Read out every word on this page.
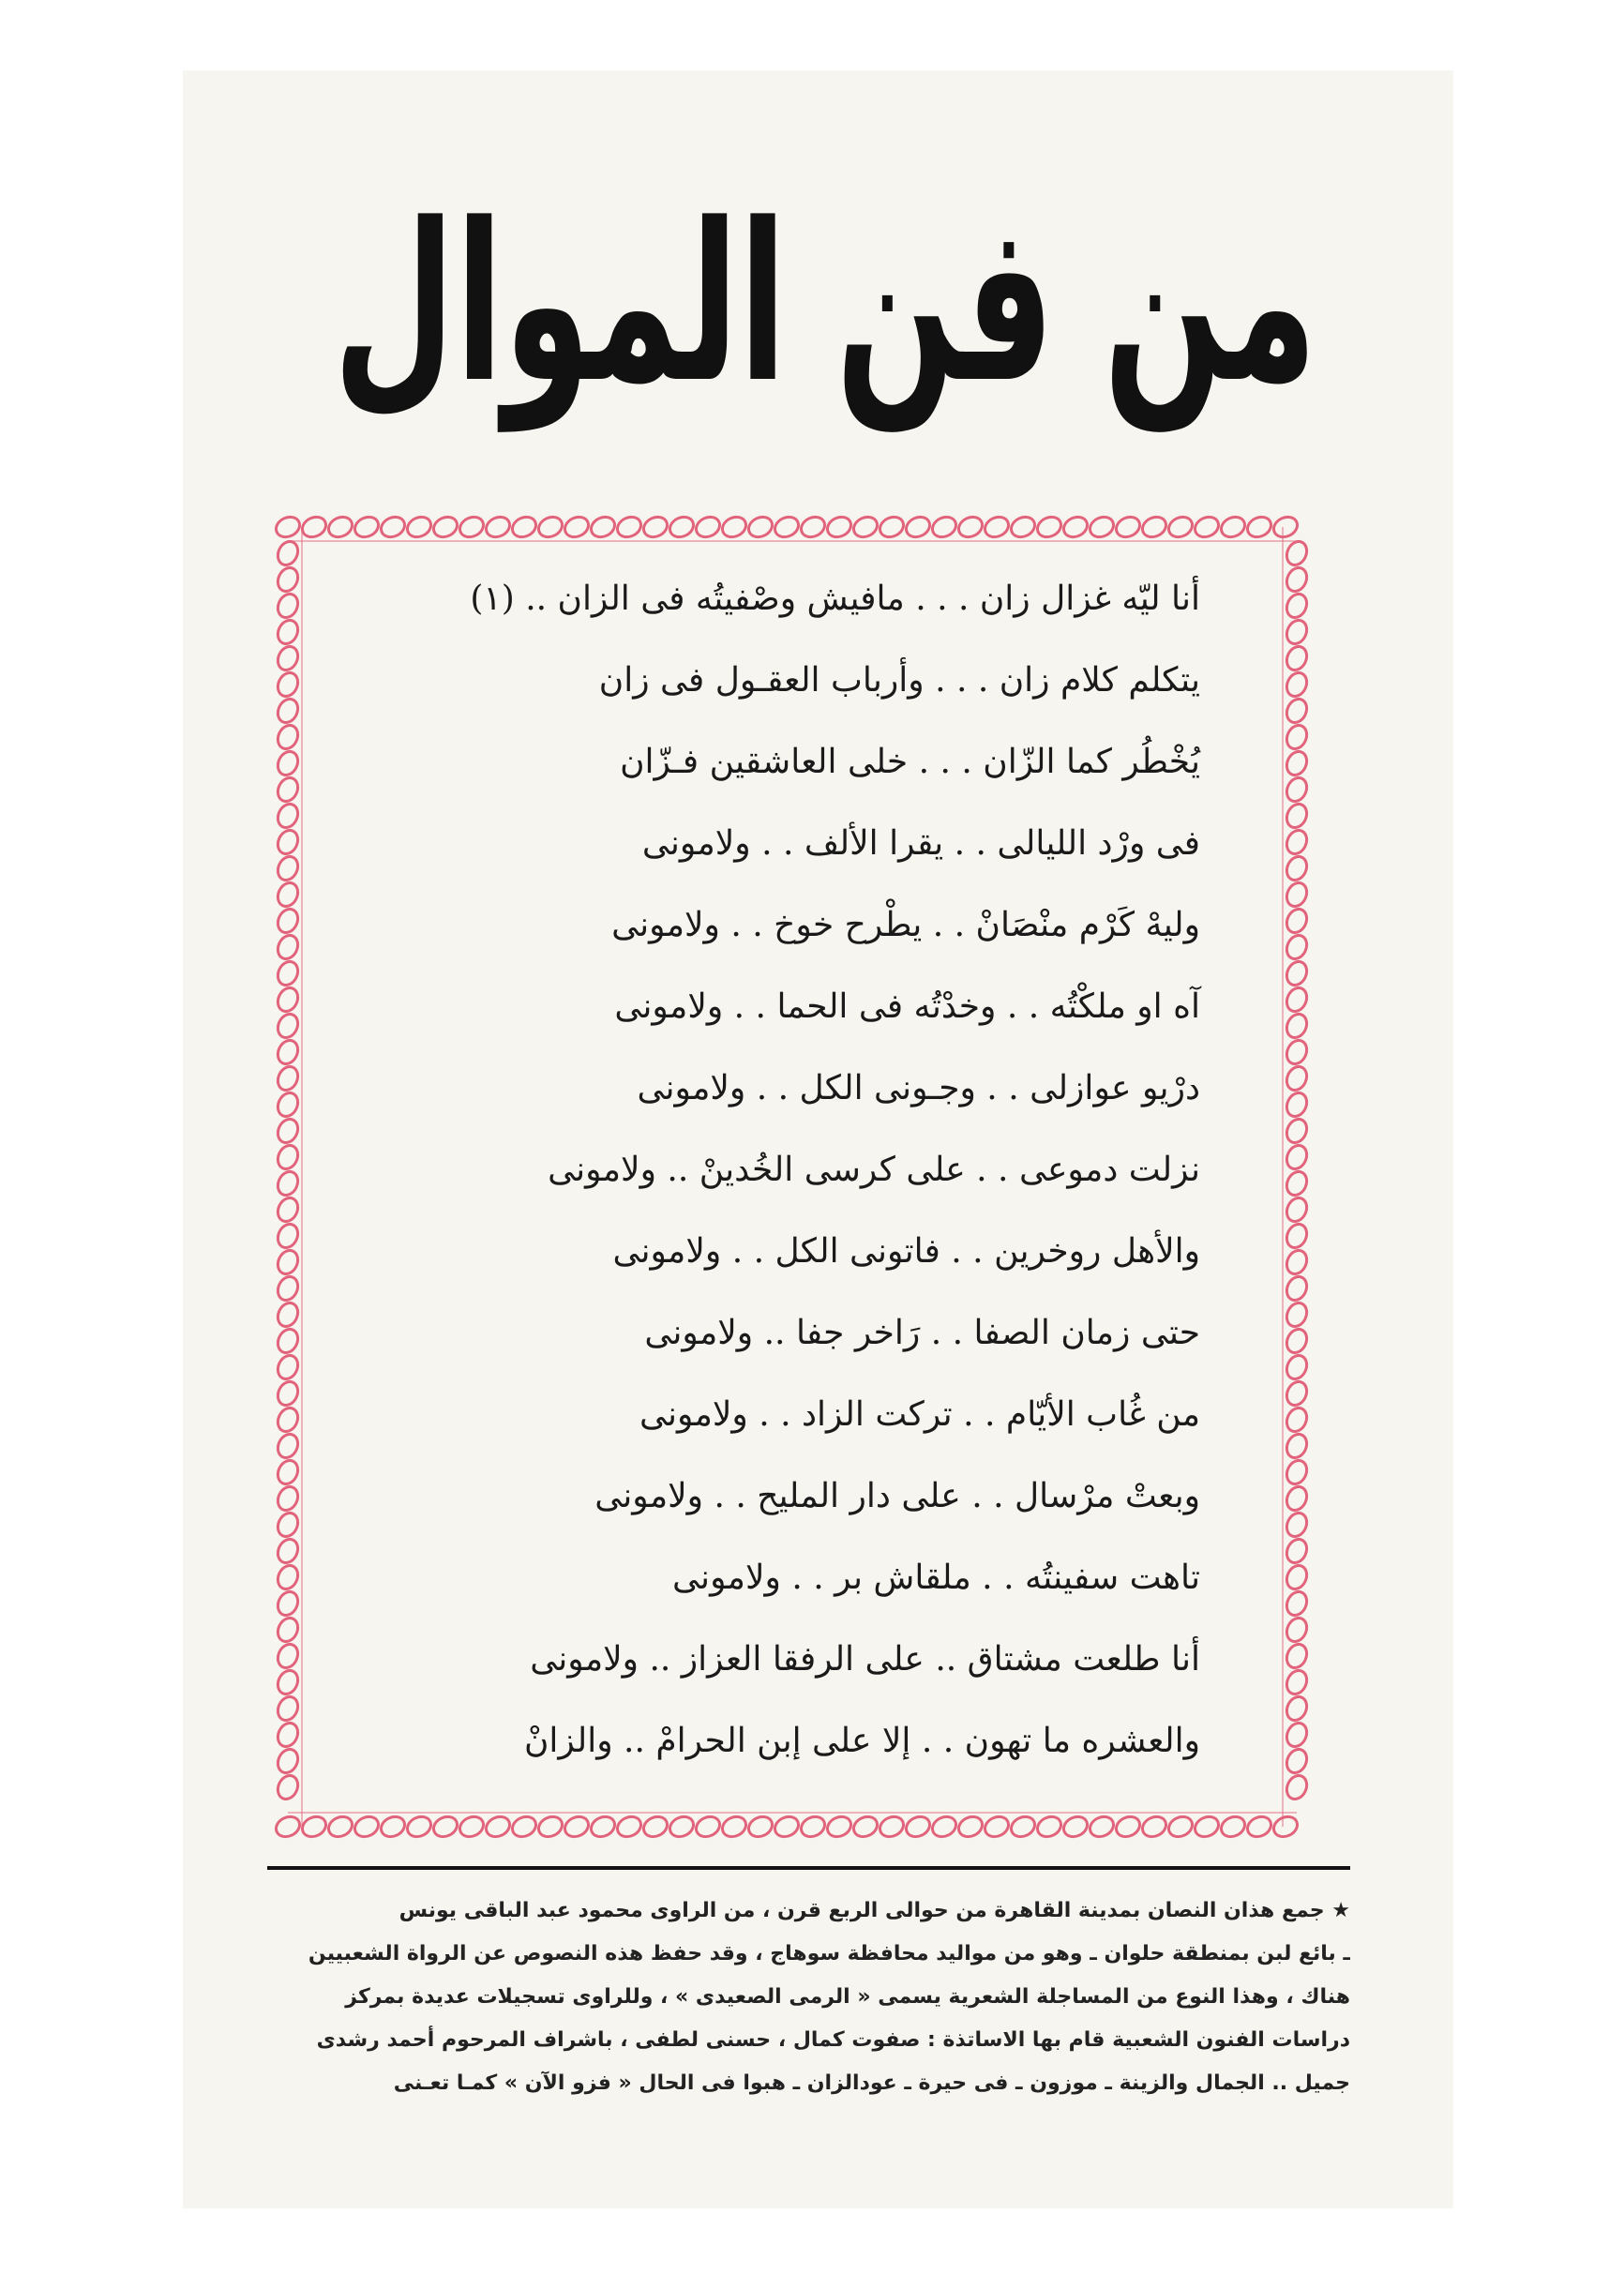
من فن الموال
أنا ليّه غزال زان . . . مافيش وصْفيتُه فى الزان .. (١)
يتكلم كلام زان . . . وأرباب العقـول فى زان
يُخْطُر كما الزّان . . . خلى العاشقين فـزّان
فى ورْد الليالى . . يقرا الألف . . ولامونى
وليهْ كَرْم منْصَانْ . . يطْرح خوخ . . ولامونى
آه او ملكْتُه . . وخدْتُه فى الحما . . ولامونى
درْيو عوازلى . . وجـونى الكل . . ولامونى
نزلت دموعى . . على كرسى الخُدينْ .. ولامونى
والأهل روخرين . . فاتونى الكل . . ولامونى
حتى زمان الصفا . . رَاخر جفا .. ولامونى
من غُاب الأيّام . . تركت الزاد . . ولامونى
وبعتْ مرْسال . . على دار المليح . . ولامونى
تاهت سفينتُه . . ملقاش بر . . ولامونى
أنا طلعت مشتاق .. على الرفقا العزاز .. ولامونى
والعشره ما تهون . . إلا على إبن الحرامْ .. والزانْ
★ جمع هذان النصان بمدينة القاهرة من حوالى الربع قرن ، من الراوى محمود عبد الباقى يونس
ـ بائع لبن بمنطقة حلوان ـ وهو من مواليد محافظة سوهاج ، وقد حفظ هذه النصوص عن الرواة الشعبيين
هناك ، وهذا النوع من المساجلة الشعرية يسمى « الرمى الصعيدى » ، وللراوى تسجيلات عديدة بمركز
دراسات الفنون الشعبية قام بها الاساتذة : صفوت كمال ، حسنى لطفى ، باشراف المرحوم أحمد رشدى
جميل .. الجمال والزينة ـ موزون ـ فى حيرة ـ عودالزان ـ هبوا فى الحال « فزو الآن » كمـا تعـنى
